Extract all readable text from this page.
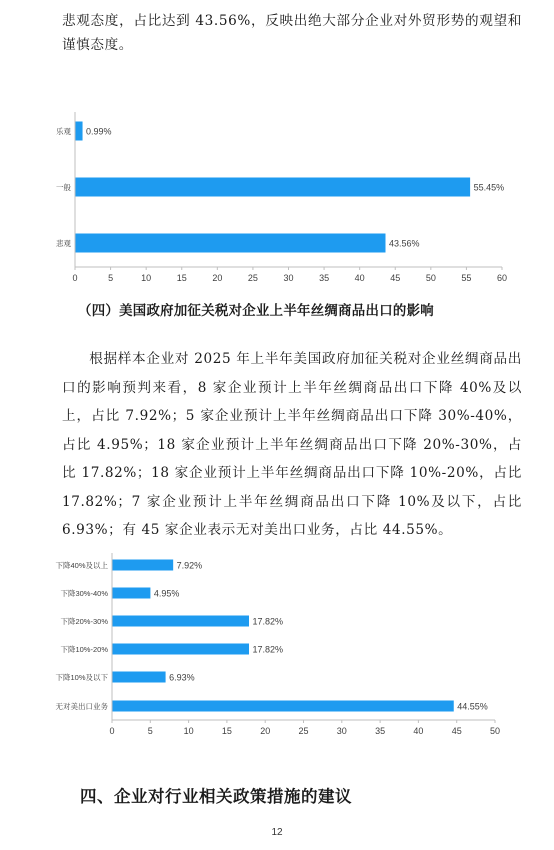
悲观态度，占比达到 43.56%，反映出绝大部分企业对外贸形势的观望和谨慎态度。
0	5	10	15	20	25	30	35	40	45	50	55	60
乐观 0.99%
一般	55.45%
悲观	43.56%
（四）美国政府加征关税对企业上半年丝绸商品出口的影响
根据样本企业对 2025 年上半年美国政府加征关税对企业丝绸商品出口的影响预判来看，8 家企业预计上半年丝绸商品出口下降 40%及以上，占比 7.92%；5 家企业预计上半年丝绸商品出口下降 30%-40%，占比 4.95%；18 家企业预计上半年丝绸商品出口下降 20%-30%，占比 17.82%；18 家企业预计上半年丝绸商品出口下降 10%-20%，占比 17.82%；7 家企业预计上半年丝绸商品出口下降 10%及以下，占比 6.93%；有 45 家企业表示无对美出口业务，占比 44.55%。
0	5	10	15	20	25	30	35	40	45	50
下降40%及以上	7.92%
下降30%-40%	4.95%
下降20%-30%	17.82%
下降10%-20%	17.82%
下降10%及以下	6.93%
无对美出口业务	44.55%
四、企业对行业相关政策措施的建议
12
